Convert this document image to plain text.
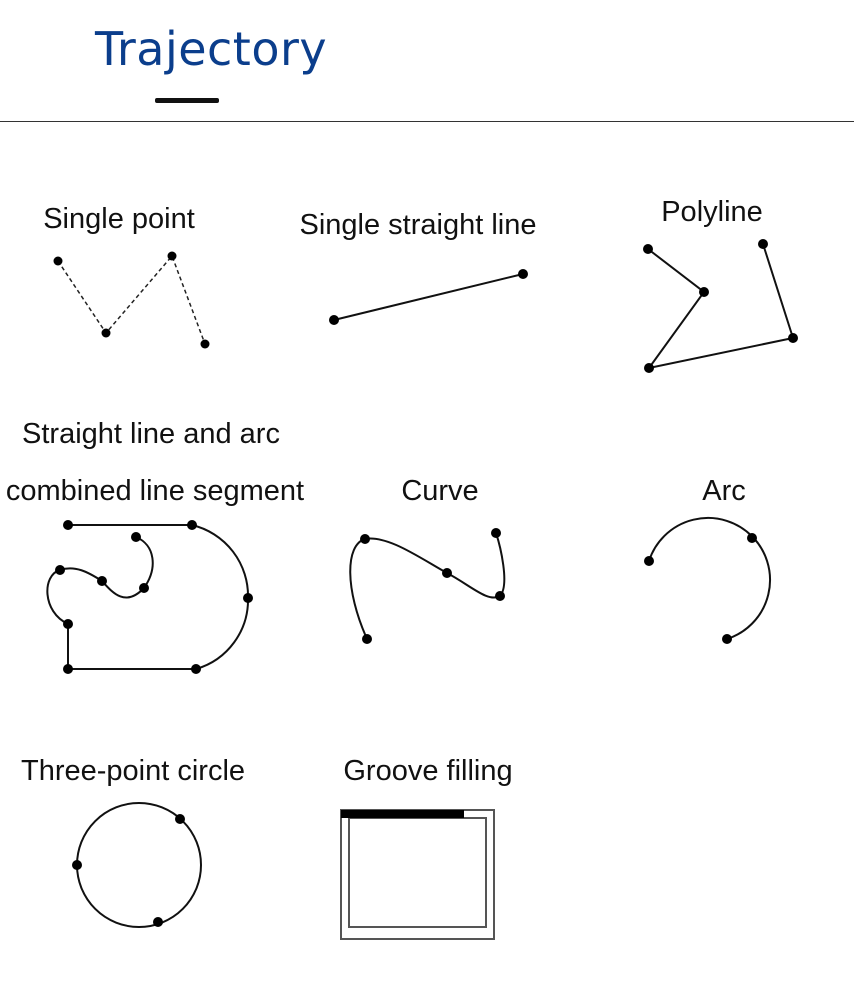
Trajectory
Single point	Single straight line	Polyline
Straight line and arc
combined line segment	Curve	Arc
Three-point circle	Groove filling
